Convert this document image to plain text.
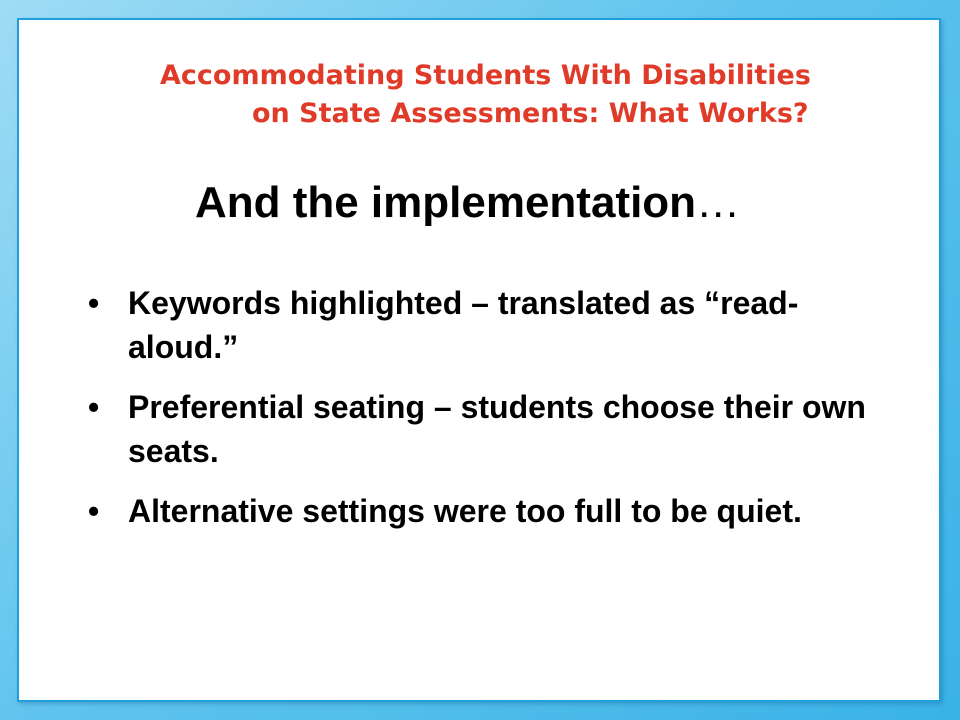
Accommodating Students With Disabilities
on State Assessments: What Works?
And the implementation…
• Keywords highlighted – translated as “read-aloud.”
• Preferential seating – students choose their own seats.
• Alternative settings were too full to be quiet.
